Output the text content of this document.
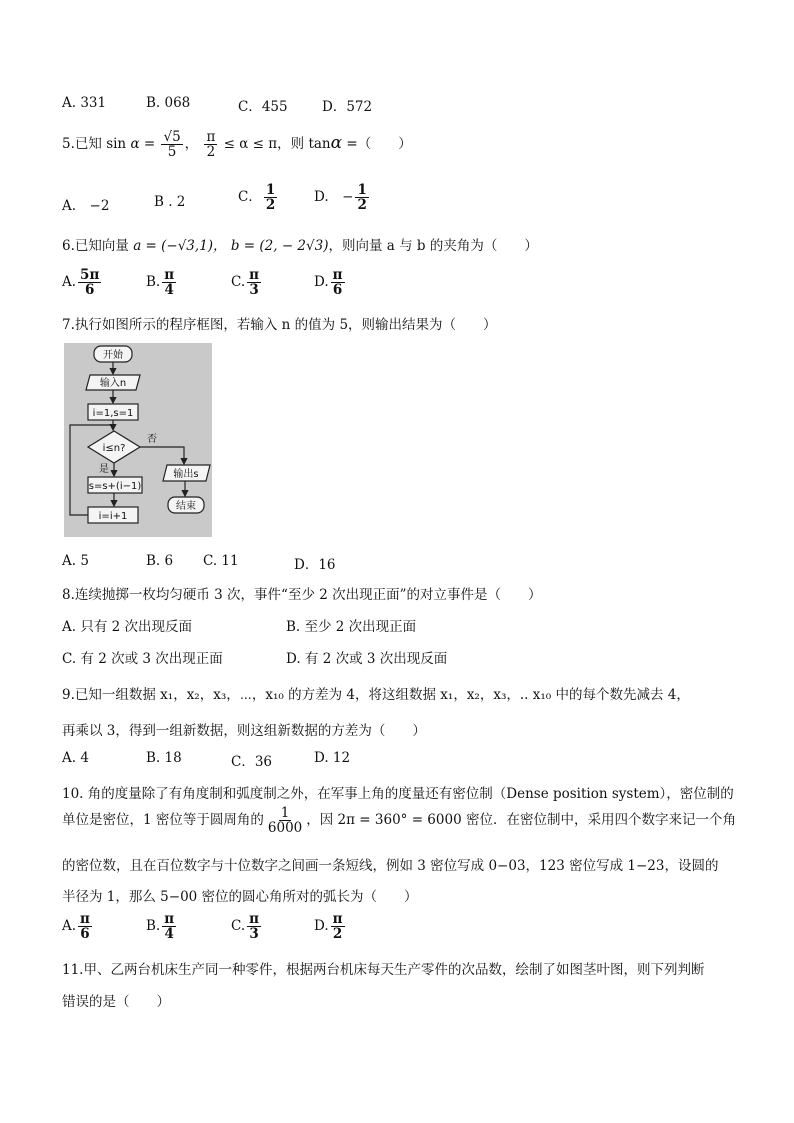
A. 331	B. 068	C．455	D．572
5.已知 $\sin \alpha = \frac{√5}{5}$ ， $\frac{\pi}{2} \le \alpha \le \pi$，则 tanα =（　　）
A.　−2	B . 2	C． $\frac{1}{2}$	D.　− $\frac{1}{2}$
6.已知向量 a = (−√3,1)， b = (2, − 2√3)，则向量 a 与 b 的夹角为（　　）
A. $\frac{5\pi}{6}$	B. $\frac{\pi}{4}$	C. $\frac{\pi}{3}$	D. $\frac{\pi}{6}$
7.执行如图所示的程序框图，若输入 n 的值为 5，则输出结果为（　　）
开始
输入n
i=1,s=1
i≤n?
否
是
s=s+(i−1)
i=i+1
输出s
结束
A. 5	B. 6 C. 11	D．16
8.连续抛掷一枚均匀硬币 3 次，事件“至少 2 次出现正面”的对立事件是（　　）
A. 只有 2 次出现反面	B. 至少 2 次出现正面
C. 有 2 次或 3 次出现正面	D. 有 2 次或 3 次出现反面
9.已知一组数据 x₁，x₂，x₃，⋯，x₁₀ 的方差为 4，将这组数据 x₁，x₂，x₃，.. x₁₀ 中的每个数先减去 4，
再乘以 3，得到一组新数据，则这组新数据的方差为（　　）
A. 4	B. 18	C．36	D. 12
10. 角的度量除了有角度制和弧度制之外，在军事上角的度量还有密位制（Dense position system），密位制的
单位是密位，1 密位等于圆周角的 $\frac{1}{6000}$ ，因 2π = 360° = 6000 密位．在密位制中，采用四个数字来记一个角
的密位数，且在百位数字与十位数字之间画一条短线，例如 3 密位写成 0−03，123 密位写成 1−23，设圆的
半径为 1，那么 5−00 密位的圆心角所对的弧长为（　　）
A. $\frac{\pi}{6}$	B. $\frac{\pi}{4}$	C. $\frac{\pi}{3}$	D. $\frac{\pi}{2}$
11.甲、乙两台机床生产同一种零件，根据两台机床每天生产零件的次品数，绘制了如图茎叶图，则下列判断
错误的是（　　）
